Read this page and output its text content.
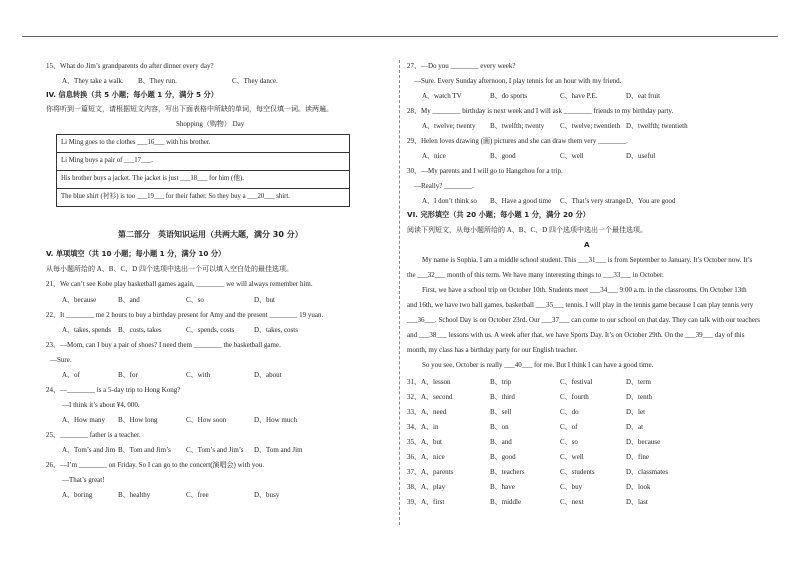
15、What do Jim’s grandparents do after dinner every day?
A、They take a walk. B、They run.	C、They dance.
IV. 信息转换（共 5 小题；每小题 1 分，满分 5 分）
你将听到一篇短文，请根据短文内容，写出下面表格中所缺的单词，每空仅填一词。读两遍。
Shopping（购物） Day
Li Ming goes to the clothes ___16___ with his brother.
Li Ming buys a pair of ___17___.
His brother buys a jacket. The jacket is just ___18___ for him (他).
The blue shirt (衬衫) is too ___19___ for their father. So they buy a ___20___ shirt.
第二部分　英语知识运用（共两大题，满分 30 分）
V. 单项填空（共 10 小题；每小题 1 分，满分 10 分）
从每小题所给的 A、B、C、D 四个选项中选出一个可以填入空白处的最佳选项。
21、We can’t see Kobe play basketball games again, ________ we will always remember him.
A、because	B、and	C、so	D、but
22、It ________ me 2 hours to buy a birthday present for Amy and the present ________ 19 yuan.
A、takes, spends B、costs, takes	C、spends, costs	D、takes, costs
23、—Mom, can I buy a pair of shoes? I need them ________ the basketball game.
—Sure.
A、of	B、for	C、with	D、about
24、—________ is a 5-day trip to Hong Kong?
—I think it’s about ¥4, 000.
A、How many B、How long	C、How soon	D、How much
25、________ father is a teacher.
A、Tom’s and Jim B、Tom and Jim’s C、Tom’s and Jim’s D、Tom and Jim
26、—I’m ________ on Friday. So I can go to the concert(演唱会) with you.
—That’s great!
A、boring	B、healthy	C、free	D、busy
27、—Do you ________ every week?
—Sure. Every Sunday afternoon, I play tennis for an hour with my friend.
A、watch TV	B、do sports	C、have P.E.	D、eat fruit
28、My ________ birthday is next week and I will ask ________ friends to my birthday party.
A、twelve; twenty B、twelfth; twenty C、twelve; twentieth D、twelfth; twentieth
29、Helen loves drawing (画) pictures and she can draw them very ________.
A、nice	B、good	C、well	D、useful
30、—My parents and I will go to Hangzhou for a trip.
—Really? ________.
A、I don’t think so B、Have a good time C、That’s very strange D、You are good
VI. 完形填空（共 20 小题；每小题 1 分，满分 20 分）
阅读下列短文，从每小题所给的 A、B、C、D 四个选项中选出一个最佳选项。
A
My name is Sophia. I am a middle school student. This ___31___ is from September to January. It’s October now. It’s
the ___32___ month of this term. We have many interesting things to ___33___ in October.
First, we have a school trip on October 10th. Students meet ___34___ 9:00 a.m. in the classrooms. On October 13th
and 16th, we have two ball games, basketball ___35___ tennis. I will play in the tennis game because I can play tennis very
___36___. School Day is on October 23rd. Our ___37___ can come to our school on that day. They can talk with our teachers
and ___38___ lessons with us. A week after that, we have Sports Day. It’s on October 29th. On the ___39___ day of this
month, my class has a birthday party for our English teacher.
So you see, October is really ___40___ for me. But I think I can have a good time.
31、A、lesson	B、trip	C、festival	D、term
32、A、second	B、third	C、fourth	D、tenth
33、A、need	B、sell	C、do	D、let
34、A、in	B、on	C、of	D、at
35、A、but	B、and	C、so	D、because
36、A、nice	B、good	C、well	D、fine
37、A、parents	B、teachers	C、students	D、classmates
38、A、play	B、have	C、buy	D、look
39、A、first	B、middle	C、next	D、last
